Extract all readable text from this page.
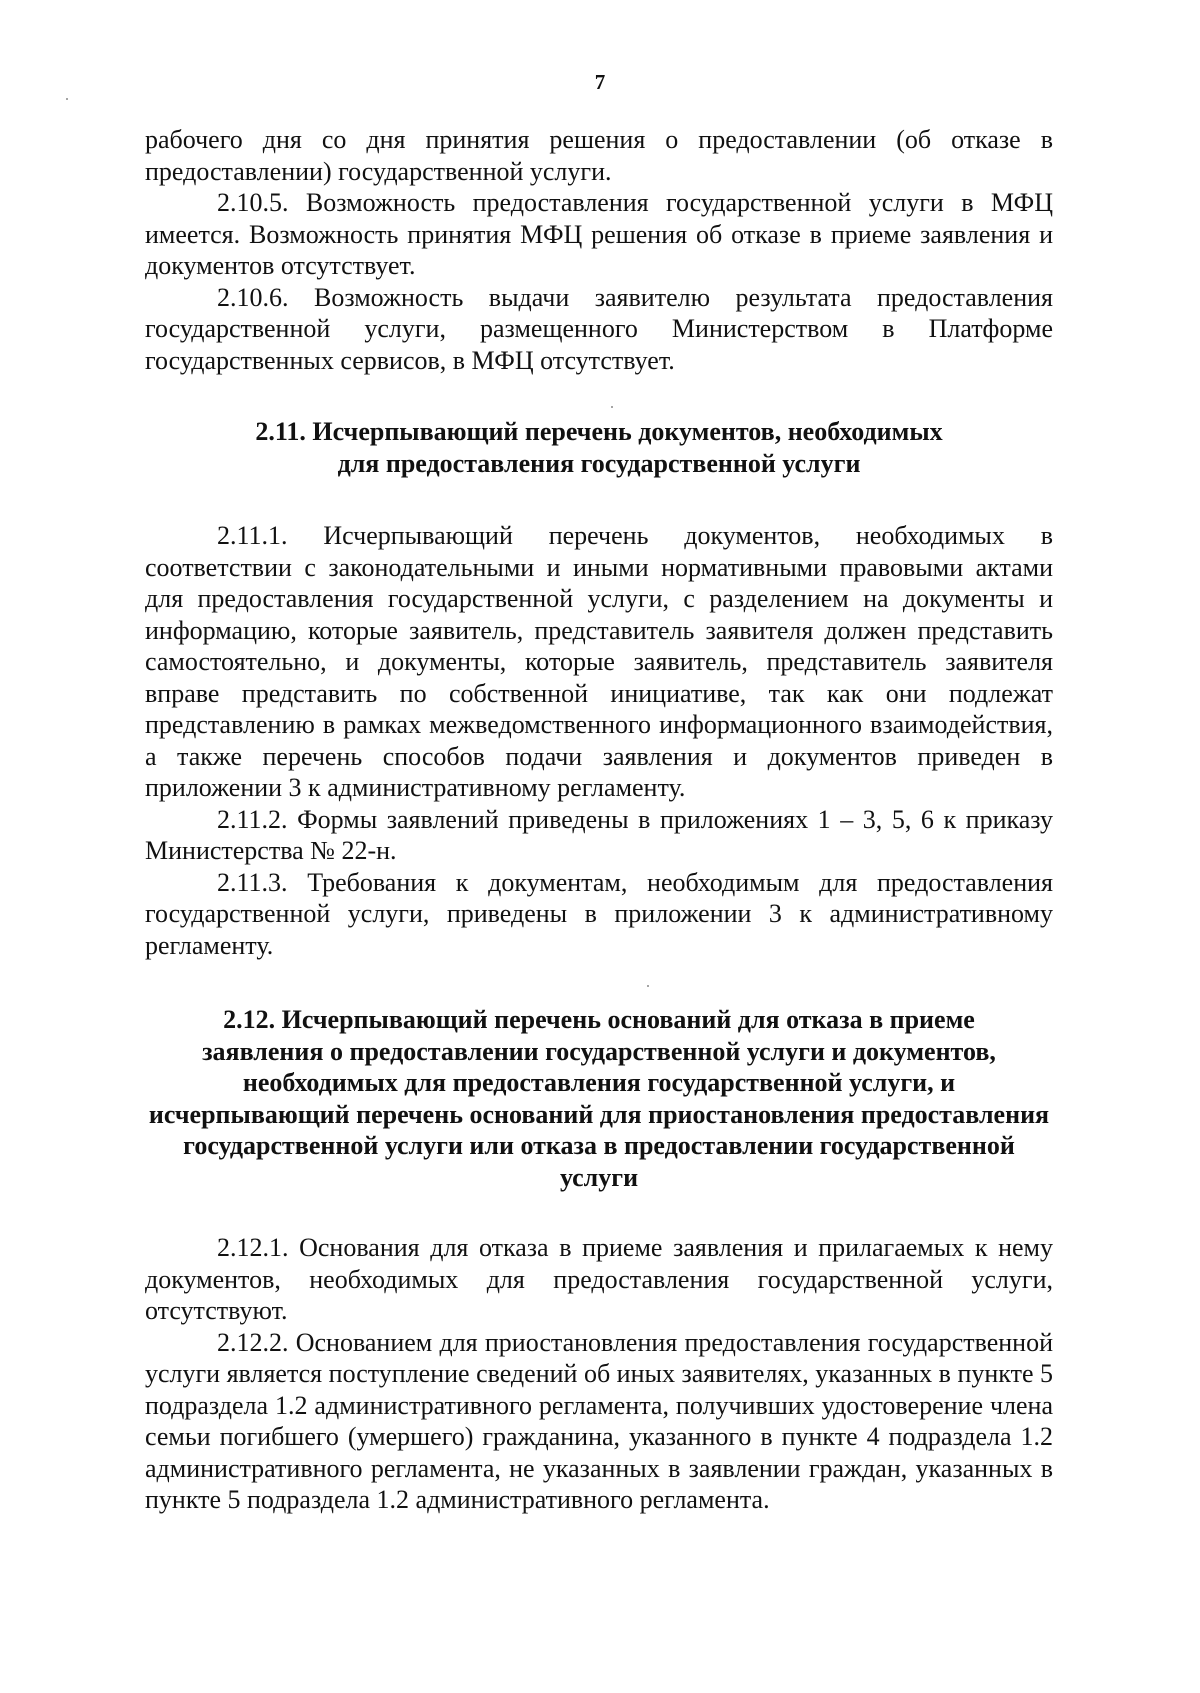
7

рабочего дня со дня принятия решения о предоставлении (об отказе в предоставлении) государственной услуги.

2.10.5. Возможность предоставления государственной услуги в МФЦ имеется. Возможность принятия МФЦ решения об отказе в приеме заявления и документов отсутствует.

2.10.6. Возможность выдачи заявителю результата предоставления государственной услуги, размещенного Министерством в Платформе государственных сервисов, в МФЦ отсутствует.

2.11. Исчерпывающий перечень документов, необходимых
для предоставления государственной услуги

2.11.1. Исчерпывающий перечень документов, необходимых в соответствии с законодательными и иными нормативными правовыми актами для предоставления государственной услуги, с разделением на документы и информацию, которые заявитель, представитель заявителя должен представить самостоятельно, и документы, которые заявитель, представитель заявителя вправе представить по собственной инициативе, так как они подлежат представлению в рамках межведомственного информационного взаимодействия, а также перечень способов подачи заявления и документов приведен в приложении 3 к административному регламенту.

2.11.2. Формы заявлений приведены в приложениях 1 – 3, 5, 6 к приказу Министерства № 22-н.

2.11.3. Требования к документам, необходимым для предоставления государственной услуги, приведены в приложении 3 к административному регламенту.

2.12. Исчерпывающий перечень оснований для отказа в приеме
заявления о предоставлении государственной услуги и документов,
необходимых для предоставления государственной услуги, и
исчерпывающий перечень оснований для приостановления предоставления
государственной услуги или отказа в предоставлении государственной
услуги

2.12.1. Основания для отказа в приеме заявления и прилагаемых к нему документов, необходимых для предоставления государственной услуги, отсутствуют.

2.12.2. Основанием для приостановления предоставления государственной услуги является поступление сведений об иных заявителях, указанных в пункте 5 подраздела 1.2 административного регламента, получивших удостоверение члена семьи погибшего (умершего) гражданина, указанного в пункте 4 подраздела 1.2 административного регламента, не указанных в заявлении граждан, указанных в пункте 5 подраздела 1.2 административного регламента.
